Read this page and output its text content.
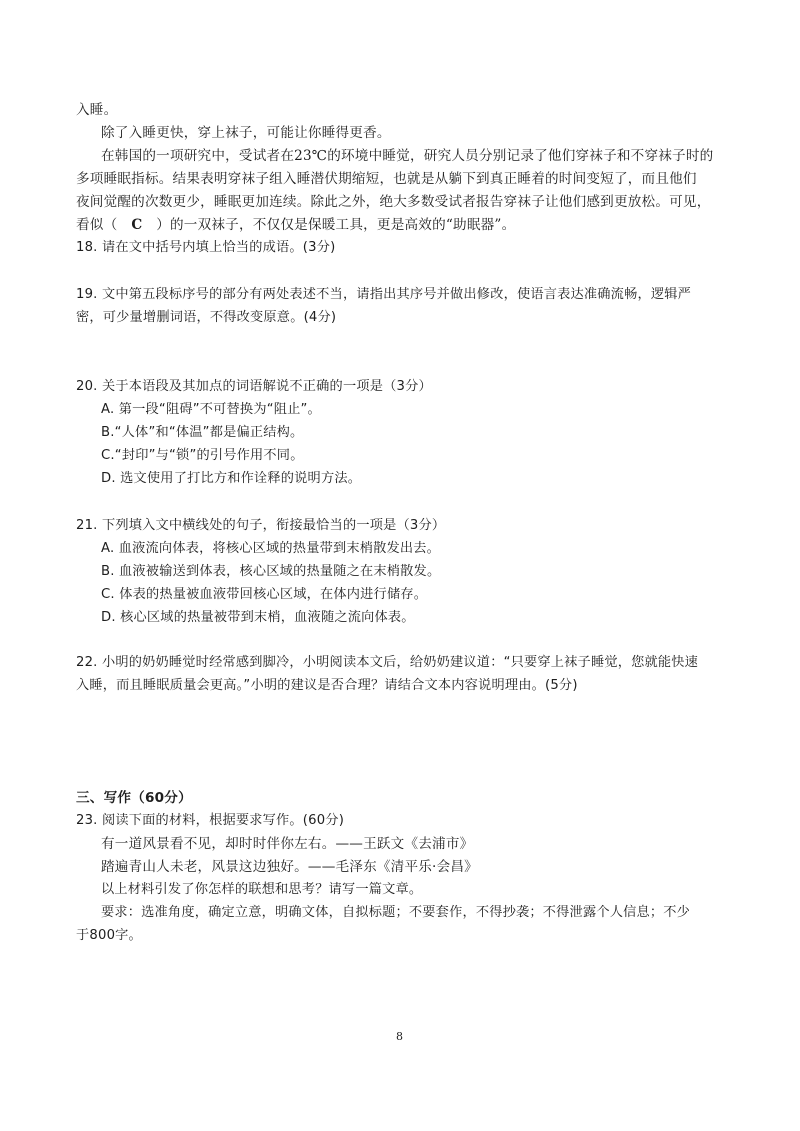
入睡。
除了入睡更快，穿上袜子，可能让你睡得更香。
在韩国的一项研究中，受试者在23℃的环境中睡觉，研究人员分别记录了他们穿袜子和不穿袜子时的
多项睡眠指标。结果表明穿袜子组入睡潜伏期缩短，也就是从躺下到真正睡着的时间变短了，而且他们
夜间觉醒的次数更少，睡眠更加连续。除此之外，绝大多数受试者报告穿袜子让他们感到更放松。可见，
看似（ C ）的一双袜子，不仅仅是保暖工具，更是高效的“助眠器”。
18. 请在文中括号内填上恰当的成语。(3分)
19. 文中第五段标序号的部分有两处表述不当，请指出其序号并做出修改，使语言表达准确流畅，逻辑严
密，可少量增删词语，不得改变原意。(4分)
20. 关于本语段及其加点的词语解说不正确的一项是（3分）
A. 第一段“阻碍”不可替换为“阻止”。
B.“人体”和“体温”都是偏正结构。
C.“封印”与“锁”的引号作用不同。
D. 选文使用了打比方和作诠释的说明方法。
21. 下列填入文中横线处的句子，衔接最恰当的一项是（3分）
A. 血液流向体表，将核心区域的热量带到末梢散发出去。
B. 血液被输送到体表，核心区域的热量随之在末梢散发。
C. 体表的热量被血液带回核心区域，在体内进行储存。
D. 核心区域的热量被带到末梢，血液随之流向体表。
22. 小明的奶奶睡觉时经常感到脚冷，小明阅读本文后，给奶奶建议道：“只要穿上袜子睡觉，您就能快速
入睡，而且睡眠质量会更高。”小明的建议是否合理？请结合文本内容说明理由。(5分)
三、写作（60分）
23. 阅读下面的材料，根据要求写作。(60分)
有一道风景看不见，却时时伴你左右。——王跃文《去浦市》
踏遍青山人未老，风景这边独好。——毛泽东《清平乐·会昌》
以上材料引发了你怎样的联想和思考？请写一篇文章。
要求：选准角度，确定立意，明确文体，自拟标题；不要套作，不得抄袭；不得泄露个人信息；不少
于800字。
8
